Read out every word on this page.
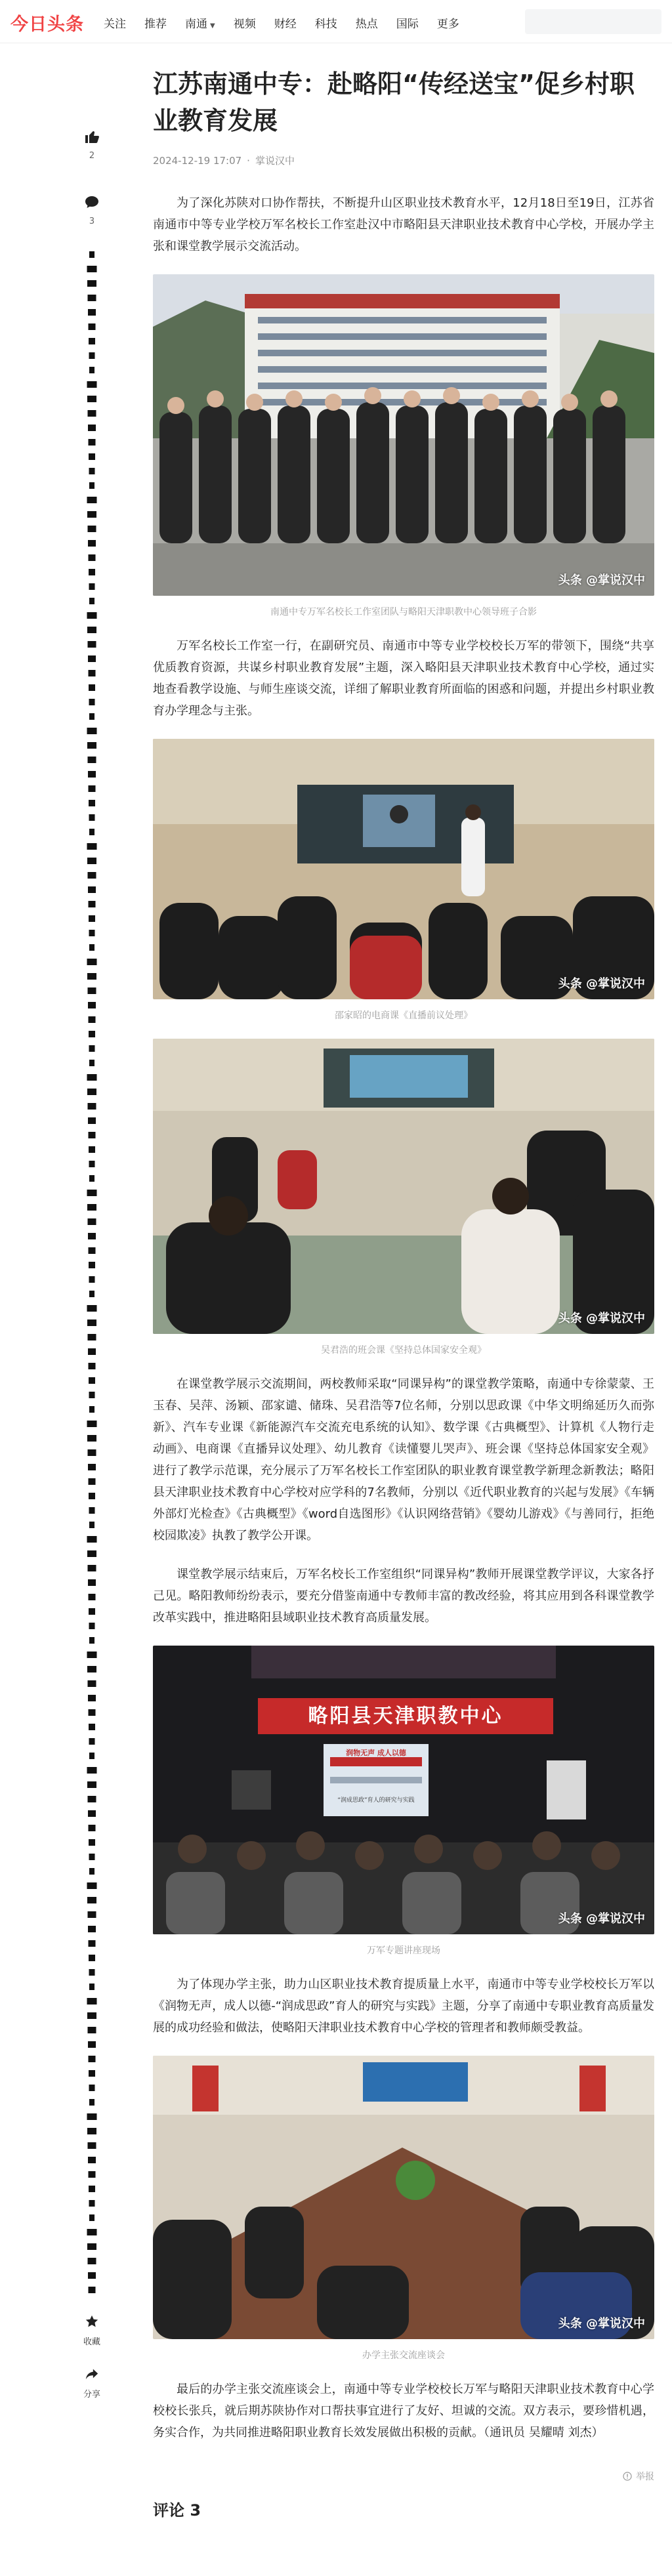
今日头条 关注 推荐 南通 ▼ 视频 财经 科技 热点 国际 更多
2
3
收藏
分享
江苏南通中专：赴略阳“传经送宝”促乡村职业教育发展
2024-12-19 17:07 · 掌说汉中

为了深化苏陕对口协作帮扶，不断提升山区职业技术教育水平，12月18日至19日，江苏省南通市中等专业学校万军名校长工作室赴汉中市略阳县天津职业技术教育中心学校，开展办学主张和课堂教学展示交流活动。

头条 @掌说汉中
南通中专万军名校长工作室团队与略阳天津职教中心领导班子合影

万军名校长工作室一行，在副研究员、南通市中等专业学校校长万军的带领下，围绕“共享优质教育资源，共谋乡村职业教育发展”主题，深入略阳县天津职业技术教育中心学校，通过实地查看教学设施、与师生座谈交流，详细了解职业教育所面临的困惑和问题，并提出乡村职业教育办学理念与主张。

头条 @掌说汉中
邵家昭的电商课《直播前议处理》
头条 @掌说汉中
吴君浩的班会课《坚持总体国家安全观》

在课堂教学展示交流期间，两校教师采取“同课异构”的课堂教学策略，南通中专徐蒙蒙、王玉春、吴萍、汤颖、邵家谴、储珠、吴君浩等7位名师，分别以思政课《中华文明绵延历久而弥新》、汽车专业课《新能源汽车交流充电系统的认知》、数学课《古典概型》、计算机《人物行走动画》、电商课《直播异议处理》、幼儿教育《读懂婴儿哭声》、班会课《坚持总体国家安全观》进行了教学示范课，充分展示了万军名校长工作室团队的职业教育课堂教学新理念新教法；略阳县天津职业技术教育中心学校对应学科的7名教师，分别以《近代职业教育的兴起与发展》《车辆外部灯光检查》《古典概型》《word自选图形》《认识网络营销》《婴幼儿游戏》《与善同行，拒绝校园欺凌》执教了教学公开课。

课堂教学展示结束后，万军名校长工作室组织“同课异构”教师开展课堂教学评议，大家各抒己见。略阳教师纷纷表示，要充分借鉴南通中专教师丰富的教改经验，将其应用到各科课堂教学改革实践中，推进略阳县域职业技术教育高质量发展。

略阳县天津职教中心
润物无声 成人以德
“润成思政”育人的研究与实践
头条 @掌说汉中
万军专题讲座现场

为了体现办学主张，助力山区职业技术教育提质量上水平，南通市中等专业学校校长万军以《润物无声，成人以德-“润成思政”育人的研究与实践》主题，分享了南通中专职业教育高质量发展的成功经验和做法，使略阳天津职业技术教育中心学校的管理者和教师颇受教益。

头条 @掌说汉中
办学主张交流座谈会

最后的办学主张交流座谈会上，南通中等专业学校校长万军与略阳天津职业技术教育中心学校校长张兵，就后期苏陕协作对口帮扶事宜进行了友好、坦诚的交流。双方表示，要珍惜机遇，务实合作，为共同推进略阳职业教育长效发展做出积极的贡献。（通讯员 吴耀晴 刘杰）

举报
评论 3
